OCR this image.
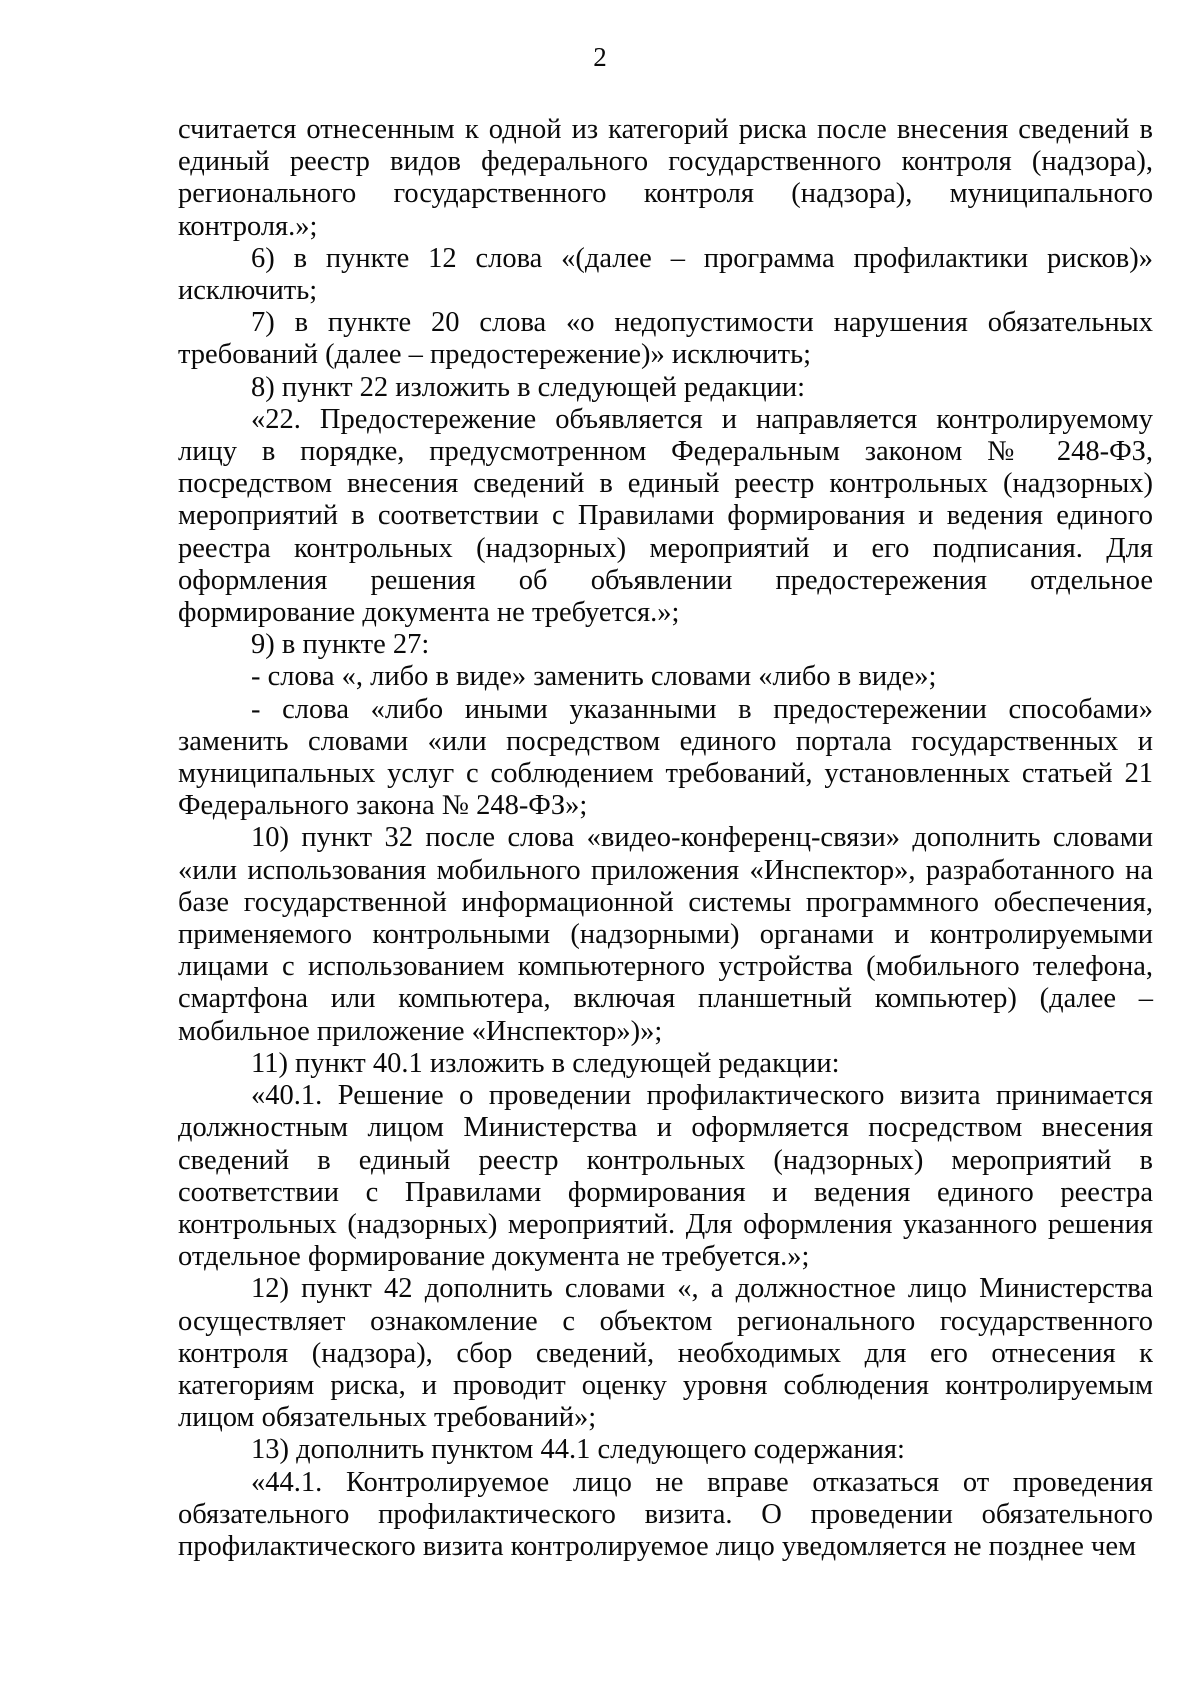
2

считается отнесенным к одной из категорий риска после внесения сведений в единый реестр видов федерального государственного контроля (надзора), регионального государственного контроля (надзора), муниципального контроля.»;

6) в пункте 12 слова «(далее – программа профилактики рисков)» исключить;

7) в пункте 20 слова «о недопустимости нарушения обязательных требований (далее – предостережение)» исключить;

8) пункт 22 изложить в следующей редакции:

«22. Предостережение объявляется и направляется контролируемому лицу в порядке, предусмотренном Федеральным законом № 248-ФЗ, посредством внесения сведений в единый реестр контрольных (надзорных) мероприятий в соответствии с Правилами формирования и ведения единого реестра контрольных (надзорных) мероприятий и его подписания. Для оформления решения об объявлении предостережения отдельное формирование документа не требуется.»;

9) в пункте 27:

- слова «, либо в виде» заменить словами «либо в виде»;

- слова «либо иными указанными в предостережении способами» заменить словами «или посредством единого портала государственных и муниципальных услуг с соблюдением требований, установленных статьей 21 Федерального закона № 248-ФЗ»;

10) пункт 32 после слова «видео-конференц-связи» дополнить словами «или использования мобильного приложения «Инспектор», разработанного на базе государственной информационной системы программного обеспечения, применяемого контрольными (надзорными) органами и контролируемыми лицами с использованием компьютерного устройства (мобильного телефона, смартфона или компьютера, включая планшетный компьютер) (далее – мобильное приложение «Инспектор»)»;

11) пункт 40.1 изложить в следующей редакции:

«40.1. Решение о проведении профилактического визита принимается должностным лицом Министерства и оформляется посредством внесения сведений в единый реестр контрольных (надзорных) мероприятий в соответствии с Правилами формирования и ведения единого реестра контрольных (надзорных) мероприятий. Для оформления указанного решения отдельное формирование документа не требуется.»;

12) пункт 42 дополнить словами «, а должностное лицо Министерства осуществляет ознакомление с объектом регионального государственного контроля (надзора), сбор сведений, необходимых для его отнесения к категориям риска, и проводит оценку уровня соблюдения контролируемым лицом обязательных требований»;

13) дополнить пунктом 44.1 следующего содержания:

«44.1. Контролируемое лицо не вправе отказаться от проведения обязательного профилактического визита. О проведении обязательного профилактического визита контролируемое лицо уведомляется не позднее чем
